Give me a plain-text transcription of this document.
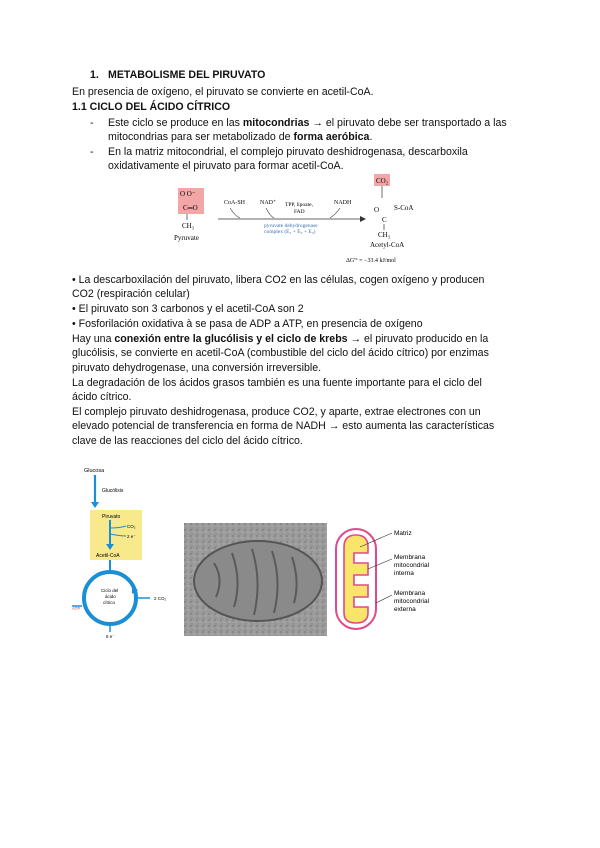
1. METABOLISME DEL PIRUVATO
En presencia de oxígeno, el piruvato se convierte en acetil-CoA.
1.1 CICLO DEL ÁCIDO CÍTRICO
- Este ciclo se produce en las mitocondrias → el piruvato debe ser transportado a las
mitocondrias para ser metabolizado de forma aeróbica.
- En la matriz mitocondrial, el complejo piruvato deshidrogenasa, descarboxila
oxidativamente el piruvato para formar acetil-CoA.
CO₂
O O⁻
C═O
CH₃
Pyruvate
CoA-SH NAD⁺ TPP, lipoate,
FAD
NADH
pyruvate dehydrogenase
complex (E₁ + E₂ + E₃)
O S-CoA
C
CH₃
Acetyl-CoA
ΔG'° = −33.4 kJ/mol
• La descarboxilación del piruvato, libera CO2 en las células, cogen oxígeno y producen
CO2 (respiración celular)
• El piruvato son 3 carbonos y el acetil-CoA son 2
• Fosforilación oxidativa à se pasa de ADP a ATP, en presencia de oxígeno
Hay una conexión entre la glucólisis y el ciclo de krebs → el piruvato producido en la
glucólisis, se convierte en acetil-CoA (combustible del ciclo del ácido cítrico) por enzimas
piruvato dehydrogenase, una conversión irreversible.
La degradación de los ácidos grasos también es una fuente importante para el ciclo del
ácido cítrico.
El complejo piruvato deshidrogenasa, produce CO2, y aparte, extrae electrones con un
elevado potencial de transferencia en forma de NADH → esto aumenta las características
clave de las reacciones del ciclo del ácido cítrico.
Glucosa
Glucólisis
Piruvato
CO₂
2 e⁻
Acetil-CoA
Ciclo del
ácido
cítrico
2 CO₂
ATP
8 e⁻
Matriz
Membrana
mitocondrial
interna
Membrana
mitocondrial
externa
